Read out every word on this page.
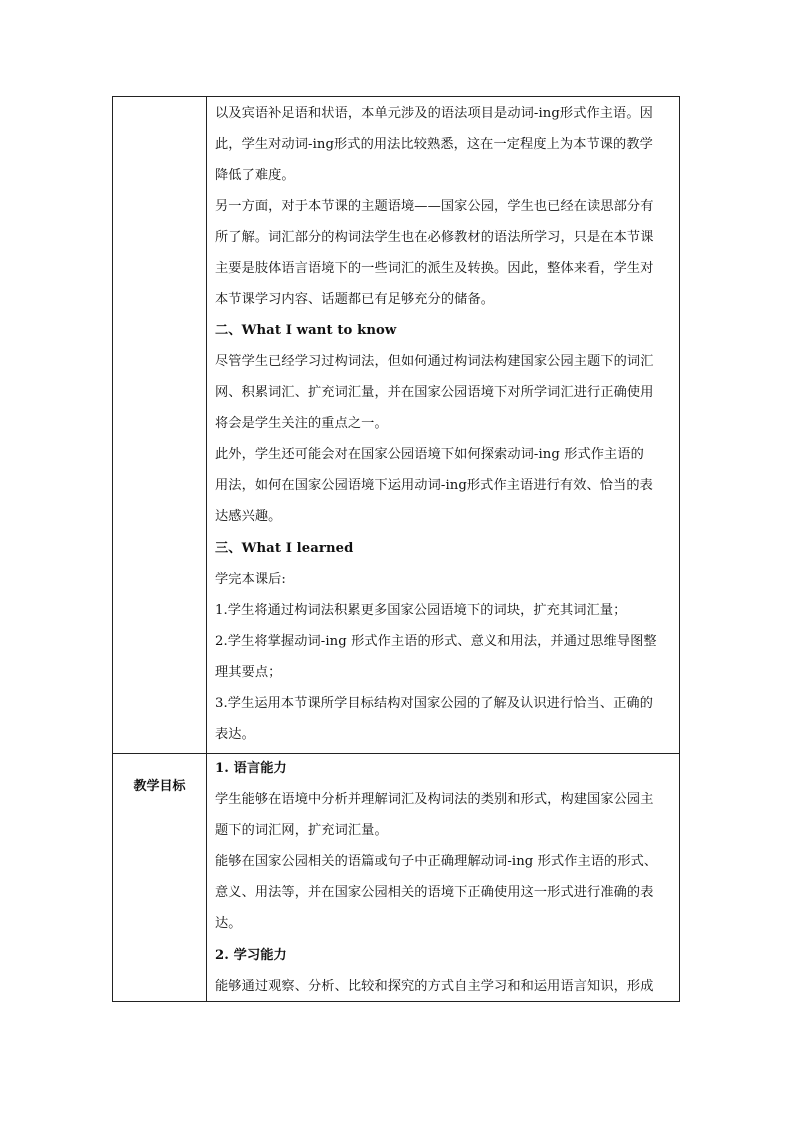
以及宾语补足语和状语，本单元涉及的语法项目是动词-ing形式作主语。因
此，学生对动词-ing形式的用法比较熟悉，这在一定程度上为本节课的教学
降低了难度。
另一方面，对于本节课的主题语境——国家公园，学生也已经在读思部分有
所了解。词汇部分的构词法学生也在必修教材的语法所学习，只是在本节课
主要是肢体语言语境下的一些词汇的派生及转换。因此，整体来看，学生对
本节课学习内容、话题都已有足够充分的储备。
二、What I want to know
尽管学生已经学习过构词法，但如何通过构词法构建国家公园主题下的词汇
网、积累词汇、扩充词汇量，并在国家公园语境下对所学词汇进行正确使用
将会是学生关注的重点之一。
此外，学生还可能会对在国家公园语境下如何探索动词-ing 形式作主语的
用法，如何在国家公园语境下运用动词-ing形式作主语进行有效、恰当的表
达感兴趣。
三、What I learned
学完本课后:
1.学生将通过构词法积累更多国家公园语境下的词块，扩充其词汇量；
2.学生将掌握动词-ing 形式作主语的形式、意义和用法，并通过思维导图整
理其要点；
3.学生运用本节课所学目标结构对国家公园的了解及认识进行恰当、正确的
表达。
教学目标
1. 语言能力
学生能够在语境中分析并理解词汇及构词法的类别和形式，构建国家公园主
题下的词汇网，扩充词汇量。
能够在国家公园相关的语篇或句子中正确理解动词-ing 形式作主语的形式、
意义、用法等，并在国家公园相关的语境下正确使用这一形式进行准确的表
达。
2. 学习能力
能够通过观察、分析、比较和探究的方式自主学习和和运用语言知识，形成
